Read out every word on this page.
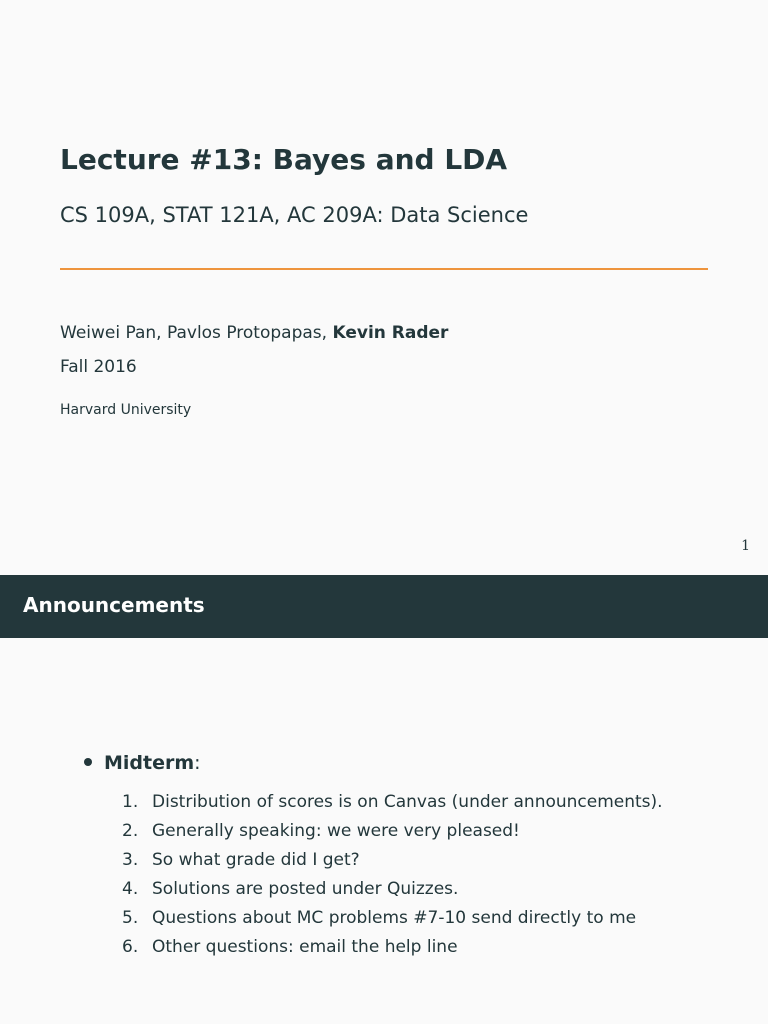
Lecture #13: Bayes and LDA
CS 109A, STAT 121A, AC 209A: Data Science
Weiwei Pan, Pavlos Protopapas, Kevin Rader
Fall 2016
Harvard University
1
Announcements
Midterm:
1. Distribution of scores is on Canvas (under announcements).
2. Generally speaking: we were very pleased!
3. So what grade did I get?
4. Solutions are posted under Quizzes.
5. Questions about MC problems #7-10 send directly to me
6. Other questions: email the help line
